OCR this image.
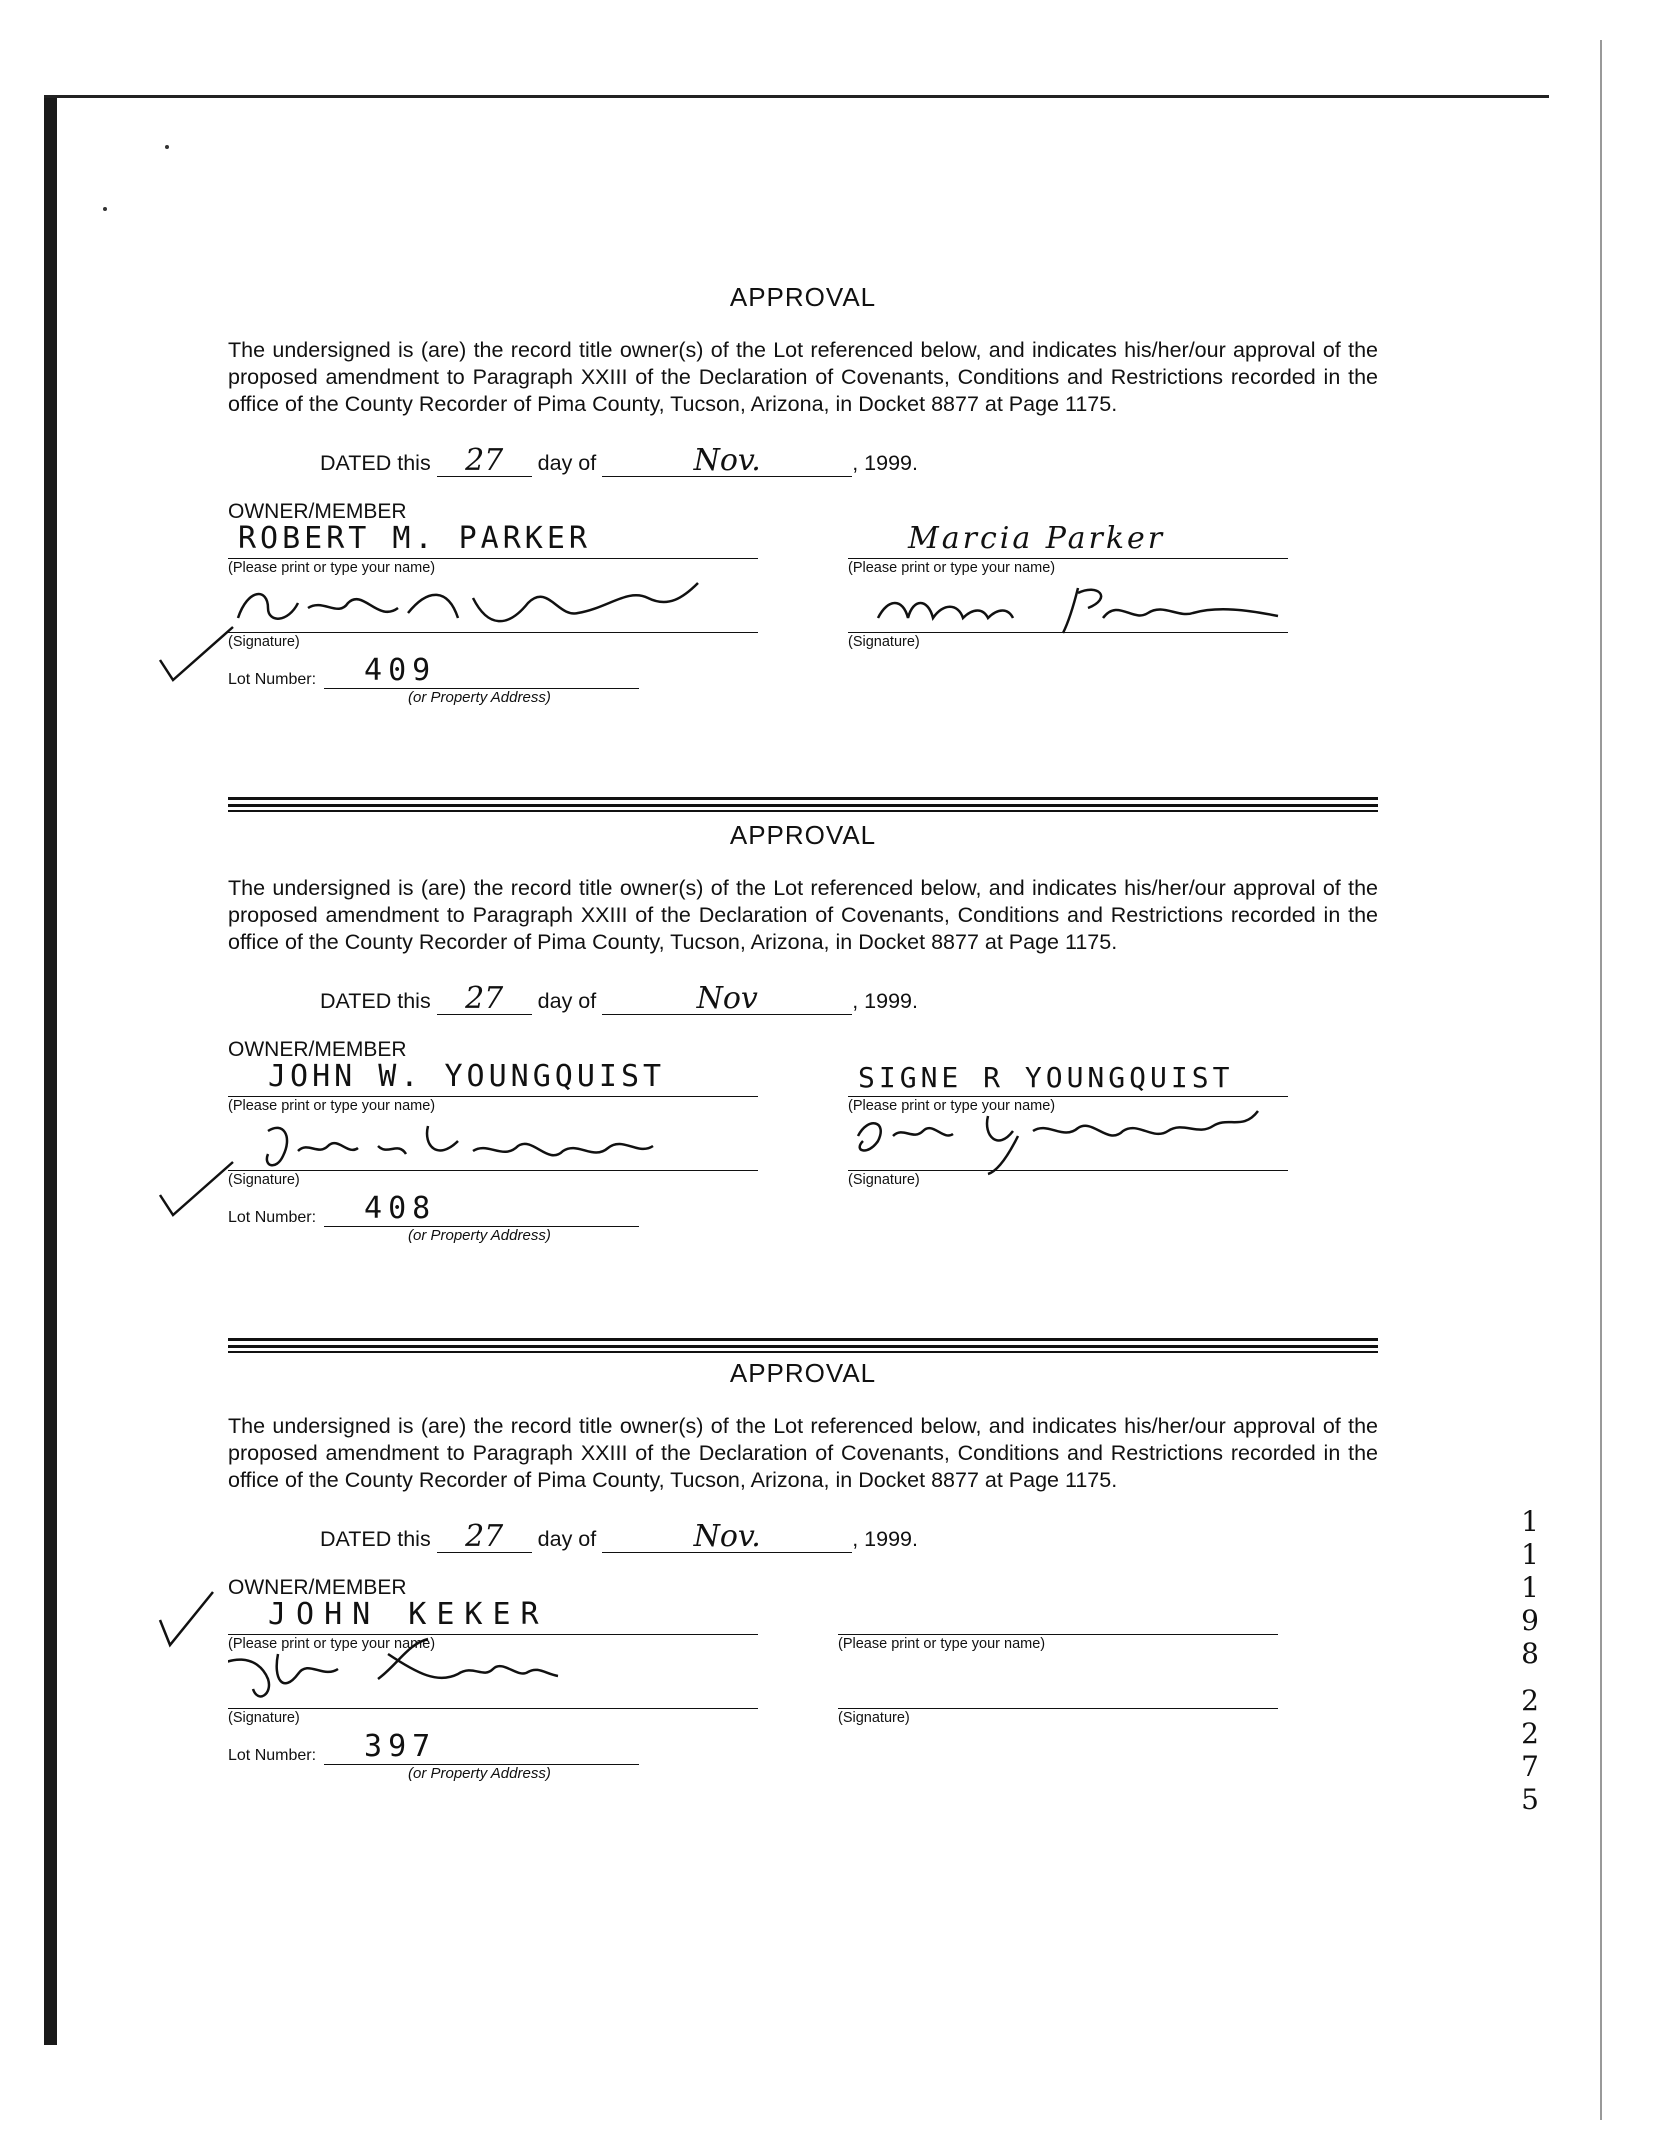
APPROVAL

The undersigned is (are) the record title owner(s) of the Lot referenced below, and indicates his/her/our approval of the proposed amendment to Paragraph XXIII of the Declaration of Covenants, Conditions and Restrictions recorded in the office of the County Recorder of Pima County, Tucson, Arizona, in Docket 8877 at Page 1175.

DATED this 27 day of	Nov.	, 1999.
OWNER/MEMBER
ROBERT M. PARKER
(Please print or type your name)
Marcia Parker
(Please print or type your name)
(Signature)	(Signature)
Lot Number: 409
(or Property Address)
APPROVAL

The undersigned is (are) the record title owner(s) of the Lot referenced below, and indicates his/her/our approval of the proposed amendment to Paragraph XXIII of the Declaration of Covenants, Conditions and Restrictions recorded in the office of the County Recorder of Pima County, Tucson, Arizona, in Docket 8877 at Page 1175.

DATED this 27 day of	Nov	, 1999.
OWNER/MEMBER
JOHN W. YOUNGQUIST
(Please print or type your name)
SIGNE R YOUNGQUIST
(Please print or type your name)
(Signature)	(Signature)
Lot Number: 408
(or Property Address)
APPROVAL

The undersigned is (are) the record title owner(s) of the Lot referenced below, and indicates his/her/our approval of the proposed amendment to Paragraph XXIII of the Declaration of Covenants, Conditions and Restrictions recorded in the office of the County Recorder of Pima County, Tucson, Arizona, in Docket 8877 at Page 1175.

DATED this 27 day of	Nov.	, 1999.
OWNER/MEMBER
JOHN KEKER
(Please print or type your name)	(Please print or type your name)
(Signature)	(Signature)
Lot Number: 397
(or Property Address)
1
1
1
9
8
2
2
7
5
